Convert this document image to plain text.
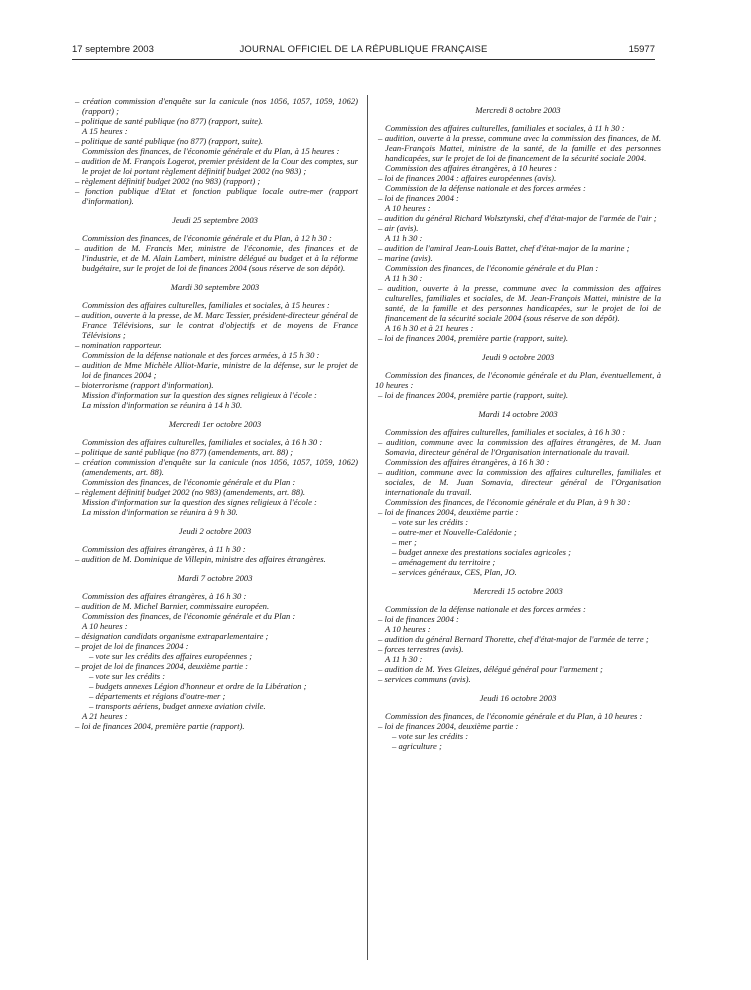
17 septembre 2003	JOURNAL OFFICIEL DE LA RÉPUBLIQUE FRANÇAISE	15977
– création commission d'enquête sur la canicule (nos 1056, 1057, 1059, 1062) (rapport) ;
– politique de santé publique (no 877) (rapport, suite).
A 15 heures :
– politique de santé publique (no 877) (rapport, suite).
Commission des finances, de l'économie générale et du Plan, à 15 heures :
– audition de M. François Logerot, premier président de la Cour des comptes, sur le projet de loi portant règlement définitif budget 2002 (no 983) ;
– règlement définitif budget 2002 (no 983) (rapport) ;
– fonction publique d'Etat et fonction publique locale outre-mer (rapport d'information).
Jeudi 25 septembre 2003
Commission des finances, de l'économie générale et du Plan, à 12 h 30 :
– audition de M. Francis Mer, ministre de l'économie, des finances et de l'industrie, et de M. Alain Lambert, ministre délégué au budget et à la réforme budgétaire, sur le projet de loi de finances 2004 (sous réserve de son dépôt).
Mardi 30 septembre 2003
Commission des affaires culturelles, familiales et sociales, à 15 heures :
– audition, ouverte à la presse, de M. Marc Tessier, président-directeur général de France Télévisions, sur le contrat d'objectifs et de moyens de France Télévisions ;
– nomination rapporteur.
Commission de la défense nationale et des forces armées, à 15 h 30 :
– audition de Mme Michèle Alliot-Marie, ministre de la défense, sur le projet de loi de finances 2004 ;
– bioterrorisme (rapport d'information).
Mission d'information sur la question des signes religieux à l'école :
La mission d'information se réunira à 14 h 30.
Mercredi 1er octobre 2003
Commission des affaires culturelles, familiales et sociales, à 16 h 30 :
– politique de santé publique (no 877) (amendements, art. 88) ;
– création commission d'enquête sur la canicule (nos 1056, 1057, 1059, 1062) (amendements, art. 88).
Commission des finances, de l'économie générale et du Plan :
– règlement définitif budget 2002 (no 983) (amendements, art. 88).
Mission d'information sur la question des signes religieux à l'école :
La mission d'information se réunira à 9 h 30.
Jeudi 2 octobre 2003
Commission des affaires étrangères, à 11 h 30 :
– audition de M. Dominique de Villepin, ministre des affaires étrangères.
Mardi 7 octobre 2003
Commission des affaires étrangères, à 16 h 30 :
– audition de M. Michel Barnier, commissaire européen.
Commission des finances, de l'économie générale et du Plan :
A 10 heures :
– désignation candidats organisme extraparlementaire ;
– projet de loi de finances 2004 :
– vote sur les crédits des affaires européennes ;
– projet de loi de finances 2004, deuxième partie :
– vote sur les crédits :
– budgets annexes Légion d'honneur et ordre de la Libération ;
– départements et régions d'outre-mer ;
– transports aériens, budget annexe aviation civile.
A 21 heures :
– loi de finances 2004, première partie (rapport).
Mercredi 8 octobre 2003
Commission des affaires culturelles, familiales et sociales, à 11 h 30 :
– audition, ouverte à la presse, commune avec la commission des finances, de M. Jean-François Mattei, ministre de la santé, de la famille et des personnes handicapées, sur le projet de loi de financement de la sécurité sociale 2004.
Commission des affaires étrangères, à 10 heures :
– loi de finances 2004 : affaires européennes (avis).
Commission de la défense nationale et des forces armées :
– loi de finances 2004 :
A 10 heures :
– audition du général Richard Wolsztynski, chef d'état-major de l'armée de l'air ;
– air (avis).
A 11 h 30 :
– audition de l'amiral Jean-Louis Battet, chef d'état-major de la marine ;
– marine (avis).
Commission des finances, de l'économie générale et du Plan :
A 11 h 30 :
– audition, ouverte à la presse, commune avec la commission des affaires culturelles, familiales et sociales, de M. Jean-François Mattei, ministre de la santé, de la famille et des personnes handicapées, sur le projet de loi de financement de la sécurité sociale 2004 (sous réserve de son dépôt).
A 16 h 30 et à 21 heures :
– loi de finances 2004, première partie (rapport, suite).
Jeudi 9 octobre 2003
Commission des finances, de l'économie générale et du Plan, éventuellement, à 10 heures :
– loi de finances 2004, première partie (rapport, suite).
Mardi 14 octobre 2003
Commission des affaires culturelles, familiales et sociales, à 16 h 30 :
– audition, commune avec la commission des affaires étrangères, de M. Juan Somavia, directeur général de l'Organisation internationale du travail.
Commission des affaires étrangères, à 16 h 30 :
– audition, commune avec la commission des affaires culturelles, familiales et sociales, de M. Juan Somavia, directeur général de l'Organisation internationale du travail.
Commission des finances, de l'économie générale et du Plan, à 9 h 30 :
– loi de finances 2004, deuxième partie :
– vote sur les crédits :
– outre-mer et Nouvelle-Calédonie ;
– mer ;
– budget annexe des prestations sociales agricoles ;
– aménagement du territoire ;
– services généraux, CES, Plan, JO.
Mercredi 15 octobre 2003
Commission de la défense nationale et des forces armées :
– loi de finances 2004 :
A 10 heures :
– audition du général Bernard Thorette, chef d'état-major de l'armée de terre ;
– forces terrestres (avis).
A 11 h 30 :
– audition de M. Yves Gleizes, délégué général pour l'armement ;
– services communs (avis).
Jeudi 16 octobre 2003
Commission des finances, de l'économie générale et du Plan, à 10 heures :
– loi de finances 2004, deuxième partie :
– vote sur les crédits :
– agriculture ;
